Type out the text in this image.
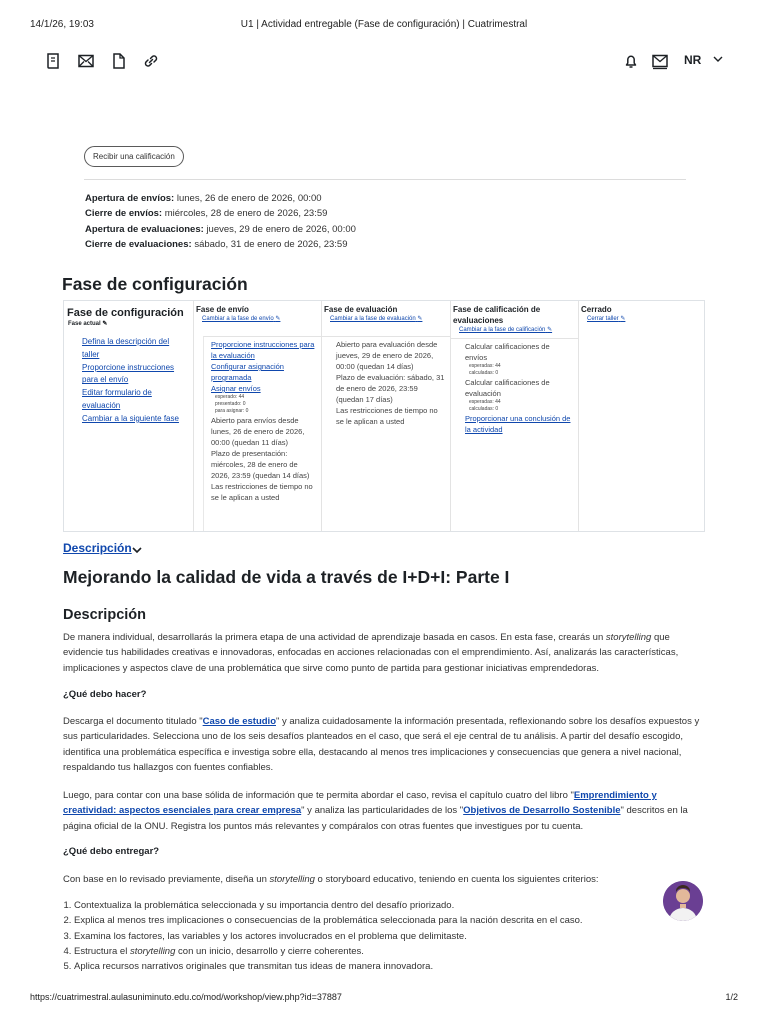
14/1/26, 19:03	U1 | Actividad entregable (Fase de configuración) | Cuatrimestral
NR
Recibir una calificación
Apertura de envíos: lunes, 26 de enero de 2026, 00:00
Cierre de envíos: miércoles, 28 de enero de 2026, 23:59
Apertura de evaluaciones: jueves, 29 de enero de 2026, 00:00
Cierre de evaluaciones: sábado, 31 de enero de 2026, 23:59
Fase de configuración
Fase de configuración
Fase actual ✎
Defina la descripción del taller
Proporcione instrucciones para el envío
Editar formulario de evaluación
Cambiar a la siguiente fase
Fase de envío
Cambiar a la fase de envío ✎
Proporcione instrucciones para la evaluación
Configurar asignación programada
Asignar envíos
esperado: 44
presentado: 0
para asignar: 0
Abierto para envíos desde lunes, 26 de enero de 2026, 00:00 (quedan 11 días)
Plazo de presentación: miércoles, 28 de enero de 2026, 23:59 (quedan 14 días)
Las restricciones de tiempo no se le aplican a usted
Fase de evaluación
Cambiar a la fase de evaluación ✎
Abierto para evaluación desde jueves, 29 de enero de 2026, 00:00 (quedan 14 días)
Plazo de evaluación: sábado, 31 de enero de 2026, 23:59 (quedan 17 días)
Las restricciones de tiempo no se le aplican a usted
Fase de calificación de evaluaciones
Cambiar a la fase de calificación ✎
Calcular calificaciones de envíos
esperadas: 44
calculadas: 0
Calcular calificaciones de evaluación
esperadas: 44
calculadas: 0
Proporcionar una conclusión de la actividad
Cerrado
Cerrar taller ✎
Descripción
Mejorando la calidad de vida a través de I+D+I: Parte I
Descripción

De manera individual, desarrollarás la primera etapa de una actividad de aprendizaje basada en casos. En esta fase, crearás un storytelling que evidencie tus habilidades creativas e innovadoras, enfocadas en acciones relacionadas con el emprendimiento. Así, analizarás las características, implicaciones y aspectos clave de una problemática que sirve como punto de partida para gestionar iniciativas emprendedoras.

¿Qué debo hacer?

Descarga el documento titulado "Caso de estudio" y analiza cuidadosamente la información presentada, reflexionando sobre los desafíos expuestos y sus particularidades. Selecciona uno de los seis desafíos planteados en el caso, que será el eje central de tu análisis. A partir del desafío escogido, identifica una problemática específica e investiga sobre ella, destacando al menos tres implicaciones y consecuencias que genera a nivel nacional, respaldando tus hallazgos con fuentes confiables.

Luego, para contar con una base sólida de información que te permita abordar el caso, revisa el capítulo cuatro del libro "Emprendimiento y creatividad: aspectos esenciales para crear empresa" y analiza las particularidades de los "Objetivos de Desarrollo Sostenible" descritos en la página oficial de la ONU. Registra los puntos más relevantes y compáralos con otras fuentes que investigues por tu cuenta.

¿Qué debo entregar?

Con base en lo revisado previamente, diseña un storytelling o storyboard educativo, teniendo en cuenta los siguientes criterios:

1. Contextualiza la problemática seleccionada y su importancia dentro del desafío priorizado.
2. Explica al menos tres implicaciones o consecuencias de la problemática seleccionada para la nación descrita en el caso.
3. Examina los factores, las variables y los actores involucrados en el problema que delimitaste.
4. Estructura el storytelling con un inicio, desarrollo y cierre coherentes.
5. Aplica recursos narrativos originales que transmitan tus ideas de manera innovadora.
https://cuatrimestral.aulasuniminuto.edu.co/mod/workshop/view.php?id=37887	1/2
